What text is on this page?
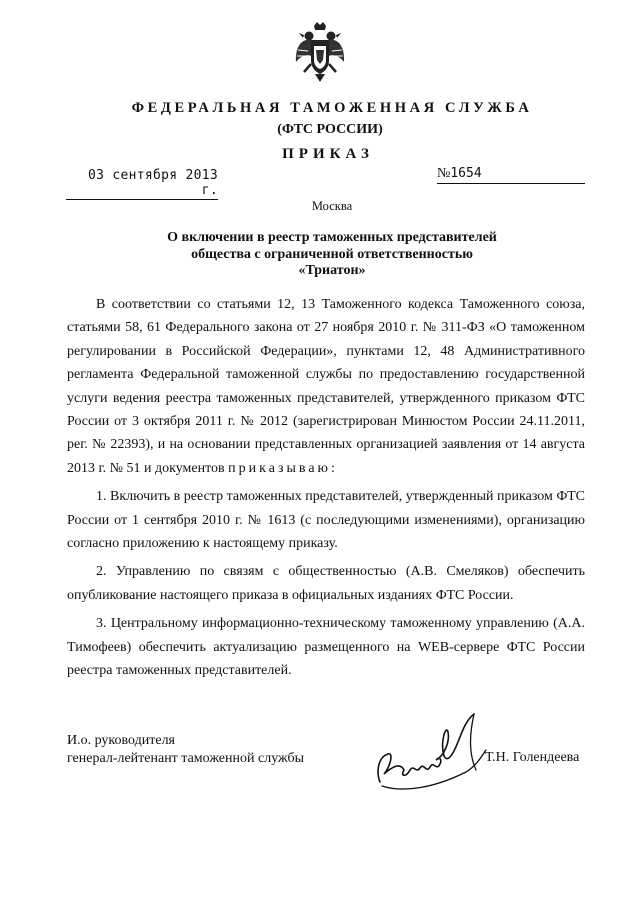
ФЕДЕРАЛЬНАЯ ТАМОЖЕННАЯ СЛУЖБА
(ФТС РОССИИ)
ПРИКАЗ
03 сентября 2013 г.
№1654
Москва
О включении в реестр таможенных представителей
общества с ограниченной ответственностью
«Триатон»

В соответствии со статьями 12, 13 Таможенного кодекса Таможенного союза, статьями 58, 61 Федерального закона от 27 ноября 2010 г. № 311-ФЗ «О таможенном регулировании в Российской Федерации», пунктами 12, 48 Административного регламента Федеральной таможенной службы по предоставлению государственной услуги ведения реестра таможенных представителей, утвержденного приказом ФТС России от 3 октября 2011 г. № 2012 (зарегистрирован Минюстом России 24.11.2011, рег. № 22393), и на основании представленных организацией заявления от 14 августа 2013 г. № 51 и документов приказываю:

1. Включить в реестр таможенных представителей, утвержденный приказом ФТС России от 1 сентября 2010 г. № 1613 (с последующими изменениями), организацию согласно приложению к настоящему приказу.

2. Управлению по связям с общественностью (А.В. Смеляков) обеспечить опубликование настоящего приказа в официальных изданиях ФТС России.

3. Центральному информационно-техническому таможенному управлению (А.А. Тимофеев) обеспечить актуализацию размещенного на WEB-сервере ФТС России реестра таможенных представителей.

И.о. руководителя
генерал-лейтенант таможенной службы	Т.Н. Голендеева
